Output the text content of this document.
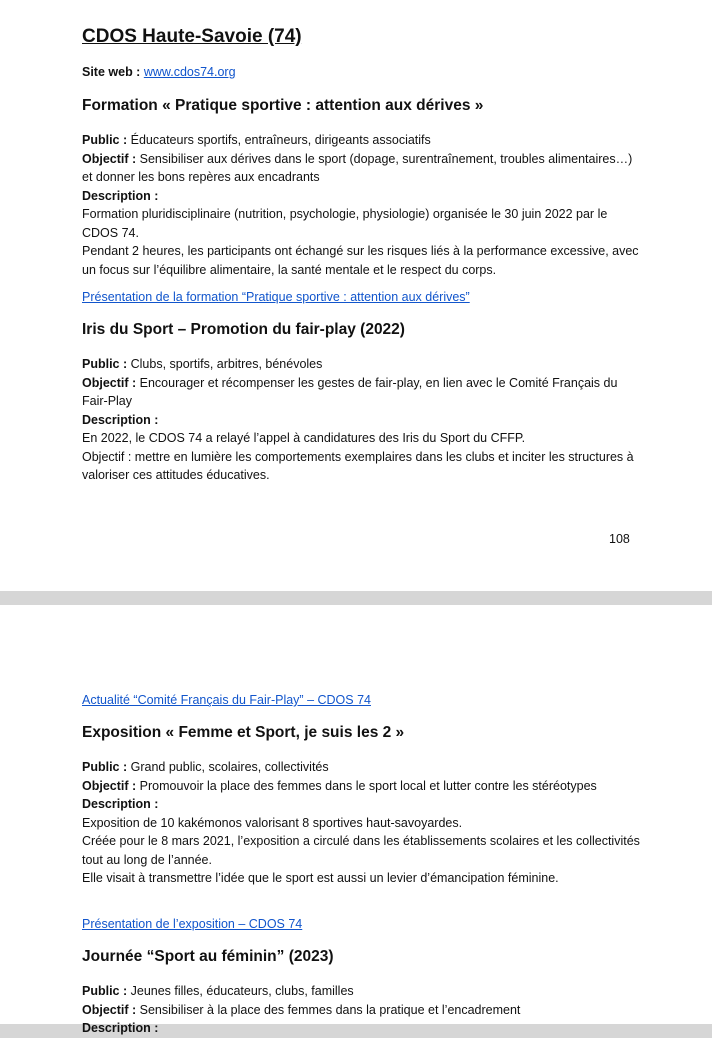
CDOS Haute-Savoie (74)
Site web : www.cdos74.org
Formation « Pratique sportive : attention aux dérives »

Public : Éducateurs sportifs, entraîneurs, dirigeants associatifs

Objectif : Sensibiliser aux dérives dans le sport (dopage, surentraînement, troubles alimentaires…) et donner les bons repères aux encadrants

Description :

Formation pluridisciplinaire (nutrition, psychologie, physiologie) organisée le 30 juin 2022 par le CDOS 74.

Pendant 2 heures, les participants ont échangé sur les risques liés à la performance excessive, avec un focus sur l’équilibre alimentaire, la santé mentale et le respect du corps.

Présentation de la formation “Pratique sportive : attention aux dérives”
Iris du Sport – Promotion du fair-play (2022)

Public : Clubs, sportifs, arbitres, bénévoles

Objectif : Encourager et récompenser les gestes de fair-play, en lien avec le Comité Français du Fair-Play

Description :

En 2022, le CDOS 74 a relayé l’appel à candidatures des Iris du Sport du CFFP.

Objectif : mettre en lumière les comportements exemplaires dans les clubs et inciter les structures à valoriser ces attitudes éducatives.

108
Actualité “Comité Français du Fair-Play” – CDOS 74
Exposition « Femme et Sport, je suis les 2 »

Public : Grand public, scolaires, collectivités

Objectif : Promouvoir la place des femmes dans le sport local et lutter contre les stéréotypes

Description :

Exposition de 10 kakémonos valorisant 8 sportives haut-savoyardes.

Créée pour le 8 mars 2021, l’exposition a circulé dans les établissements scolaires et les collectivités tout au long de l’année.

Elle visait à transmettre l’idée que le sport est aussi un levier d’émancipation féminine.

Présentation de l’exposition – CDOS 74
Journée “Sport au féminin” (2023)

Public : Jeunes filles, éducateurs, clubs, familles

Objectif : Sensibiliser à la place des femmes dans la pratique et l’encadrement

Description :
